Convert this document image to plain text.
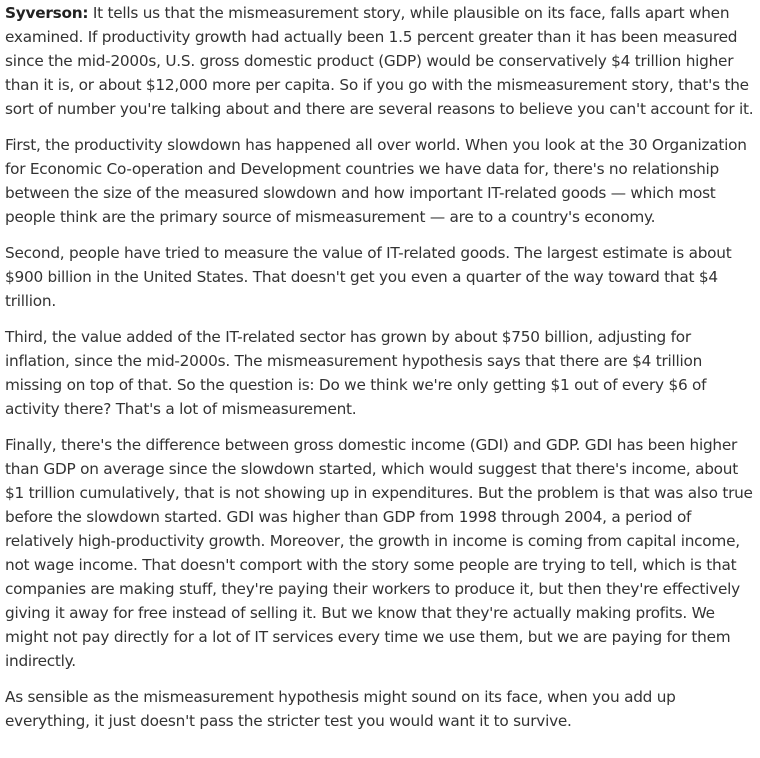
Syverson: It tells us that the mismeasurement story, while plausible on its face, falls apart when examined. If productivity growth had actually been 1.5 percent greater than it has been measured since the mid-2000s, U.S. gross domestic product (GDP) would be conservatively $4 trillion higher than it is, or about $12,000 more per capita. So if you go with the mismeasurement story, that's the sort of number you're talking about and there are several reasons to believe you can't account for it.

First, the productivity slowdown has happened all over world. When you look at the 30 Organization for Economic Co-operation and Development countries we have data for, there's no relationship between the size of the measured slowdown and how important IT-related goods — which most people think are the primary source of mismeasurement — are to a country's economy.

Second, people have tried to measure the value of IT-related goods. The largest estimate is about $900 billion in the United States. That doesn't get you even a quarter of the way toward that $4 trillion.

Third, the value added of the IT-related sector has grown by about $750 billion, adjusting for inflation, since the mid-2000s. The mismeasurement hypothesis says that there are $4 trillion missing on top of that. So the question is: Do we think we're only getting $1 out of every $6 of activity there? That's a lot of mismeasurement.

Finally, there's the difference between gross domestic income (GDI) and GDP. GDI has been higher than GDP on average since the slowdown started, which would suggest that there's income, about $1 trillion cumulatively, that is not showing up in expenditures. But the problem is that was also true before the slowdown started. GDI was higher than GDP from 1998 through 2004, a period of relatively high-productivity growth. Moreover, the growth in income is coming from capital income, not wage income. That doesn't comport with the story some people are trying to tell, which is that companies are making stuff, they're paying their workers to produce it, but then they're effectively giving it away for free instead of selling it. But we know that they're actually making profits. We might not pay directly for a lot of IT services every time we use them, but we are paying for them indirectly.

As sensible as the mismeasurement hypothesis might sound on its face, when you add up everything, it just doesn't pass the stricter test you would want it to survive.
